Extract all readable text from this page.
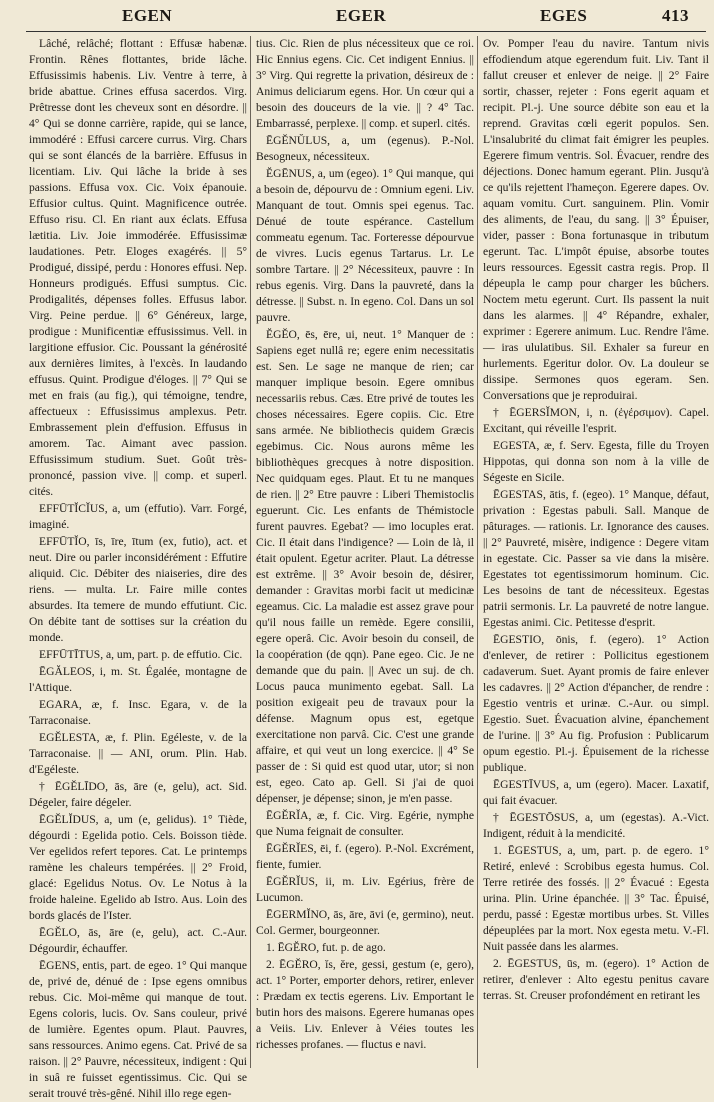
EGEN	EGER	EGES	413

Lâché, relâché; flottant : Effusæ habenæ. Frontin. Rênes flottantes, bride lâche. Effusissimis habenis. Liv. Ventre à terre, à bride abattue. Crines effusa sacerdos. Virg. Prêtresse dont les cheveux sont en désordre. || 4° Qui se donne carrière, rapide, qui se lance, immodéré : Effusi carcere currus. Virg. Chars qui se sont élancés de la barrière. Effusus in licentiam. Liv. Qui lâche la bride à ses passions. Effusa vox. Cic. Voix épanouie. Effusior cultus. Quint. Magnificence outrée. Effuso risu. Cl. En riant aux éclats. Effusa lætitia. Liv. Joie immodérée. Effusissimæ laudationes. Petr. Eloges exagérés. || 5° Prodigué, dissipé, perdu : Honores effusi. Nep. Honneurs prodigués. Effusi sumptus. Cic. Prodigalités, dépenses folles. Effusus labor. Virg. Peine perdue. || 6° Généreux, large, prodigue : Munificentiæ effusissimus. Vell. in largitione effusior. Cic. Poussant la générosité aux dernières limites, à l'excès. In laudando effusus. Quint. Prodigue d'éloges. || 7° Qui se met en frais (au fig.), qui témoigne, tendre, affectueux : Effusissimus amplexus. Petr. Embrassement plein d'effusion. Effusus in amorem. Tac. Aimant avec passion. Effusissimum studium. Suet. Goût très-prononcé, passion vive. || comp. et superl. cités.

EFFŪTĬCĬUS, a, um (effutio). Varr. Forgé, imaginé.

EFFŪTĬO, īs, īre, ītum (ex, futio), act. et neut. Dire ou parler inconsidérément : Effutire aliquid. Cic. Débiter des niaiseries, dire des riens. — multa. Lr. Faire mille contes absurdes. Ita temere de mundo effutiunt. Cic. On débite tant de sottises sur la création du monde.

EFFŪTĪTUS, a, um, part. p. de effutio. Cic.

ĒGĂLEOS, i, m. St. Égalée, montagne de l'Attique.

EGARA, æ, f. Insc. Egara, v. de la Tarraconaise.

EGĔLESTA, æ, f. Plin. Egéleste, v. de la Tarraconaise. || — ANI, orum. Plin. Hab. d'Egéleste.

† ĒGĔLĪDO, ās, āre (e, gelu), act. Sid. Dégeler, faire dégeler.

ĒGĔLĬDUS, a, um (e, gelidus). 1° Tiède, dégourdi : Egelida potio. Cels. Boisson tiède. Ver egelidos refert tepores. Cat. Le printemps ramène les chaleurs tempérées. || 2° Froid, glacé: Egelidus Notus. Ov. Le Notus à la froide haleine. Egelido ab Istro. Aus. Loin des bords glacés de l'Ister.

ĒGĔLO, ās, āre (e, gelu), act. C.-Aur. Dégourdir, échauffer.

ĒGENS, entis, part. de egeo. 1° Qui manque de, privé de, dénué de : Ipse egens omnibus rebus. Cic. Moi-même qui manque de tout. Egens coloris, lucis. Ov. Sans couleur, privé de lumière. Egentes opum. Plaut. Pauvres, sans ressources. Animo egens. Cat. Privé de sa raison. || 2° Pauvre, nécessiteux, indigent : Qui in suâ re fuisset egentissimus. Cic. Qui se serait trouvé très-gêné. Nihil illo rege egen-

tius. Cic. Rien de plus nécessiteux que ce roi. Hic Ennius egens. Cic. Cet indigent Ennius. || 3° Virg. Qui regrette la privation, désireux de : Animus deliciarum egens. Hor. Un cœur qui a besoin des douceurs de la vie. || ? 4° Tac. Embarrassé, perplexe. || comp. et superl. cités.

ĒGĔNŬLUS, a, um (egenus). P.-Nol. Besogneux, nécessiteux.

ĔGĒNUS, a, um (egeo). 1° Qui manque, qui a besoin de, dépourvu de : Omnium egeni. Liv. Manquant de tout. Omnis spei egenus. Tac. Dénué de toute espérance. Castellum commeatu egenum. Tac. Forteresse dépourvue de vivres. Lucis egenus Tartarus. Lr. Le sombre Tartare. || 2° Nécessiteux, pauvre : In rebus egenis. Virg. Dans la pauvreté, dans la détresse. || Subst. n. In egeno. Col. Dans un sol pauvre.

ĔGĔO, ēs, ēre, ui, neut. 1° Manquer de : Sapiens eget nullâ re; egere enim necessitatis est. Sen. Le sage ne manque de rien; car manquer implique besoin. Egere omnibus necessariis rebus. Cæs. Etre privé de toutes les choses nécessaires. Egere copiis. Cic. Etre sans armée. Ne bibliothecis quidem Græcis egebimus. Cic. Nous aurons même les bibliothèques grecques à notre disposition. Nec quidquam eges. Plaut. Et tu ne manques de rien. || 2° Etre pauvre : Liberi Themistoclis eguerunt. Cic. Les enfants de Thémistocle furent pauvres. Egebat? — imo locuples erat. Cic. Il était dans l'indigence? — Loin de là, il était opulent. Egetur acriter. Plaut. La détresse est extrême. || 3° Avoir besoin de, désirer, demander : Gravitas morbi facit ut medicinæ egeamus. Cic. La maladie est assez grave pour qu'il nous faille un remède. Egere consilii, egere operâ. Cic. Avoir besoin du conseil, de la coopération (de qqn). Pane egeo. Cic. Je ne demande que du pain. || Avec un suj. de ch. Locus pauca munimento egebat. Sall. La position exigeait peu de travaux pour la défense. Magnum opus est, egetque exercitatione non parvâ. Cic. C'est une grande affaire, et qui veut un long exercice. || 4° Se passer de : Si quid est quod utar, utor; si non est, egeo. Cato ap. Gell. Si j'ai de quoi dépenser, je dépense; sinon, je m'en passe.

ĒGĔRĬA, æ, f. Cic. Virg. Egérie, nymphe que Numa feignait de consulter.

ĒGĔRĬES, ēi, f. (egero). P.-Nol. Excrément, fiente, fumier.

ĒGĔRĬUS, ii, m. Liv. Egérius, frère de Lucumon.

ĒGERMĬNO, ās, āre, āvi (e, germino), neut. Col. Germer, bourgeonner.

1. ĒGĔRO, fut. p. de ago.

2. ĒGĔRO, ĭs, ĕre, gessi, gestum (e, gero), act. 1° Porter, emporter dehors, retirer, enlever : Prædam ex tectis egerens. Liv. Emportant le butin hors des maisons. Egerere humanas opes a Veiis. Liv. Enlever à Véies toutes les richesses profanes. — fluctus e navi.

Ov. Pomper l'eau du navire. Tantum nivis effodiendum atque egerendum fuit. Liv. Tant il fallut creuser et enlever de neige. || 2° Faire sortir, chasser, rejeter : Fons egerit aquam et recipit. Pl.-j. Une source débite son eau et la reprend. Gravitas cœli egerit populos. Sen. L'insalubrité du climat fait émigrer les peuples. Egerere fimum ventris. Sol. Évacuer, rendre des déjections. Donec hamum egerant. Plin. Jusqu'à ce qu'ils rejettent l'hameçon. Egerere dapes. Ov. aquam vomitu. Curt. sanguinem. Plin. Vomir des aliments, de l'eau, du sang. || 3° Épuiser, vider, passer : Bona fortunasque in tributum egerunt. Tac. L'impôt épuise, absorbe toutes leurs ressources. Egessit castra regis. Prop. Il dépeupla le camp pour charger les bûchers. Noctem metu egerunt. Curt. Ils passent la nuit dans les alarmes. || 4° Répandre, exhaler, exprimer : Egerere animum. Luc. Rendre l'âme. — iras ululatibus. Sil. Exhaler sa fureur en hurlements. Egeritur dolor. Ov. La douleur se dissipe. Sermones quos egeram. Sen. Conversations que je reproduirai.

† ĒGERSĬMON, i, n. (ἐγέρσιμον). Capel. Excitant, qui réveille l'esprit.

EGESTA, æ, f. Serv. Egesta, fille du Troyen Hippotas, qui donna son nom à la ville de Ségeste en Sicile.

ĒGESTAS, ātis, f. (egeo). 1° Manque, défaut, privation : Egestas pabuli. Sall. Manque de pâturages. — rationis. Lr. Ignorance des causes. || 2° Pauvreté, misère, indigence : Degere vitam in egestate. Cic. Passer sa vie dans la misère. Egestates tot egentissimorum hominum. Cic. Les besoins de tant de nécessiteux. Egestas patrii sermonis. Lr. La pauvreté de notre langue. Egestas animi. Cic. Petitesse d'esprit.

ĒGESTIO, ōnis, f. (egero). 1° Action d'enlever, de retirer : Pollicitus egestionem cadaverum. Suet. Ayant promis de faire enlever les cadavres. || 2° Action d'épancher, de rendre : Egestio ventris et urinæ. C.-Aur. ou simpl. Egestio. Suet. Évacuation alvine, épanchement de l'urine. || 3° Au fig. Profusion : Publicarum opum egestio. Pl.-j. Épuisement de la richesse publique.

ĒGESTĪVUS, a, um (egero). Macer. Laxatif, qui fait évacuer.

† ĒGESTŌSUS, a, um (egestas). A.-Vict. Indigent, réduit à la mendicité.

1. ĒGESTUS, a, um, part. p. de egero. 1° Retiré, enlevé : Scrobibus egesta humus. Col. Terre retirée des fossés. || 2° Évacué : Egesta urina. Plin. Urine épanchée. || 3° Tac. Épuisé, perdu, passé : Egestæ mortibus urbes. St. Villes dépeuplées par la mort. Nox egesta metu. V.-Fl. Nuit passée dans les alarmes.

2. ĒGESTUS, ūs, m. (egero). 1° Action de retirer, d'enlever : Alto egestu penitus cavare terras. St. Creuser profondément en retirant les
